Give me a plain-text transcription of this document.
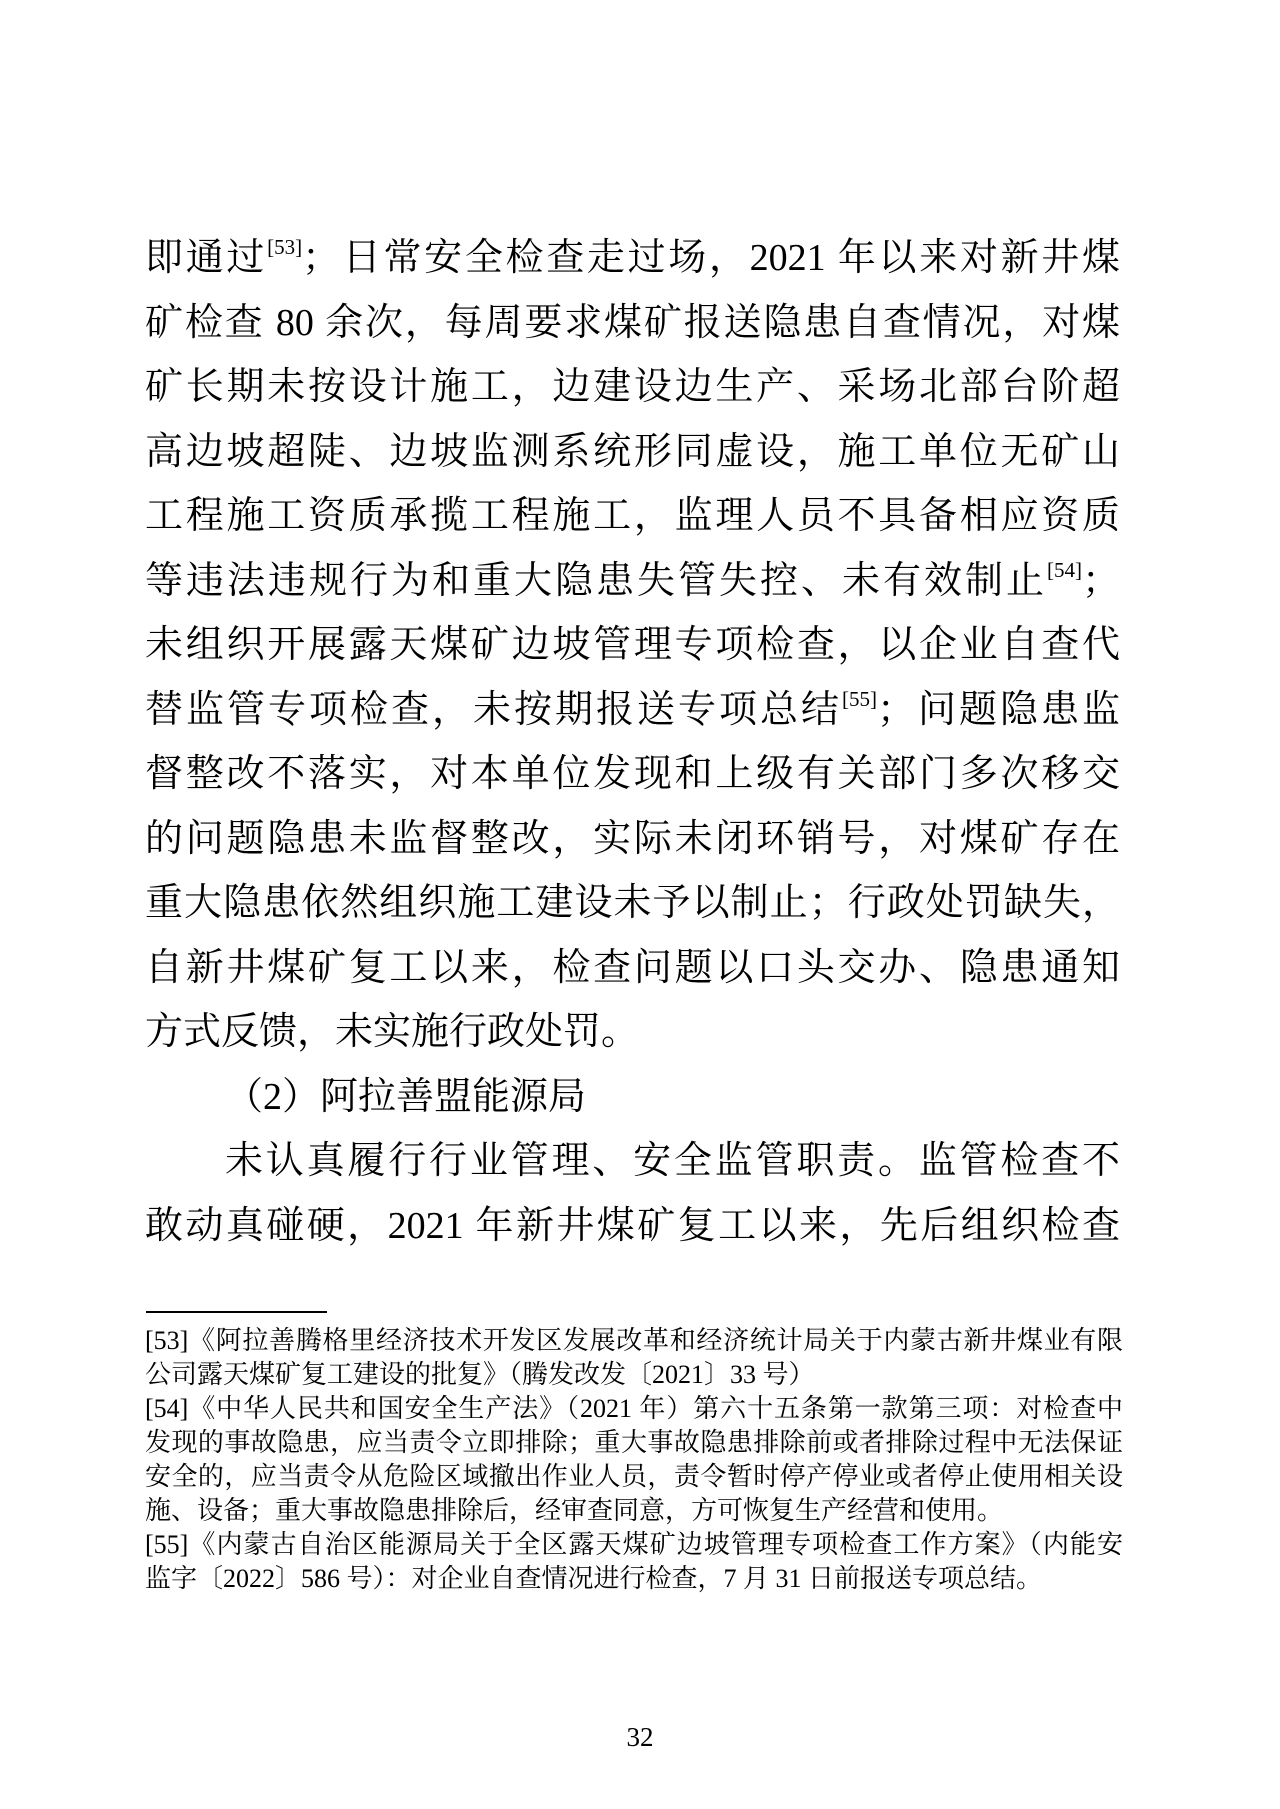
即通过[53]；日常安全检查走过场，2021 年以来对新井煤
矿检查 80 余次，每周要求煤矿报送隐患自查情况，对煤
矿长期未按设计施工，边建设边生产、采场北部台阶超
高边坡超陡、边坡监测系统形同虚设，施工单位无矿山
工程施工资质承揽工程施工，监理人员不具备相应资质
等违法违规行为和重大隐患失管失控、未有效制止[54]；
未组织开展露天煤矿边坡管理专项检查，以企业自查代
替监管专项检查，未按期报送专项总结[55]；问题隐患监
督整改不落实，对本单位发现和上级有关部门多次移交
的问题隐患未监督整改，实际未闭环销号，对煤矿存在
重大隐患依然组织施工建设未予以制止；行政处罚缺失，
自新井煤矿复工以来，检查问题以口头交办、隐患通知
方式反馈，未实施行政处罚。
（2）阿拉善盟能源局
未认真履行行业管理、安全监管职责。监管检查不
敢动真碰硬，2021 年新井煤矿复工以来，先后组织检查
[53]《阿拉善腾格里经济技术开发区发展改革和经济统计局关于内蒙古新井煤业有限
公司露天煤矿复工建设的批复》（腾发改发〔2021〕33 号）
[54]《中华人民共和国安全生产法》（2021 年）第六十五条第一款第三项：对检查中
发现的事故隐患，应当责令立即排除；重大事故隐患排除前或者排除过程中无法保证
安全的，应当责令从危险区域撤出作业人员，责令暂时停产停业或者停止使用相关设
施、设备；重大事故隐患排除后，经审查同意，方可恢复生产经营和使用。
[55]《内蒙古自治区能源局关于全区露天煤矿边坡管理专项检查工作方案》（内能安
监字〔2022〕586 号）：对企业自查情况进行检查，7 月 31 日前报送专项总结。
32
